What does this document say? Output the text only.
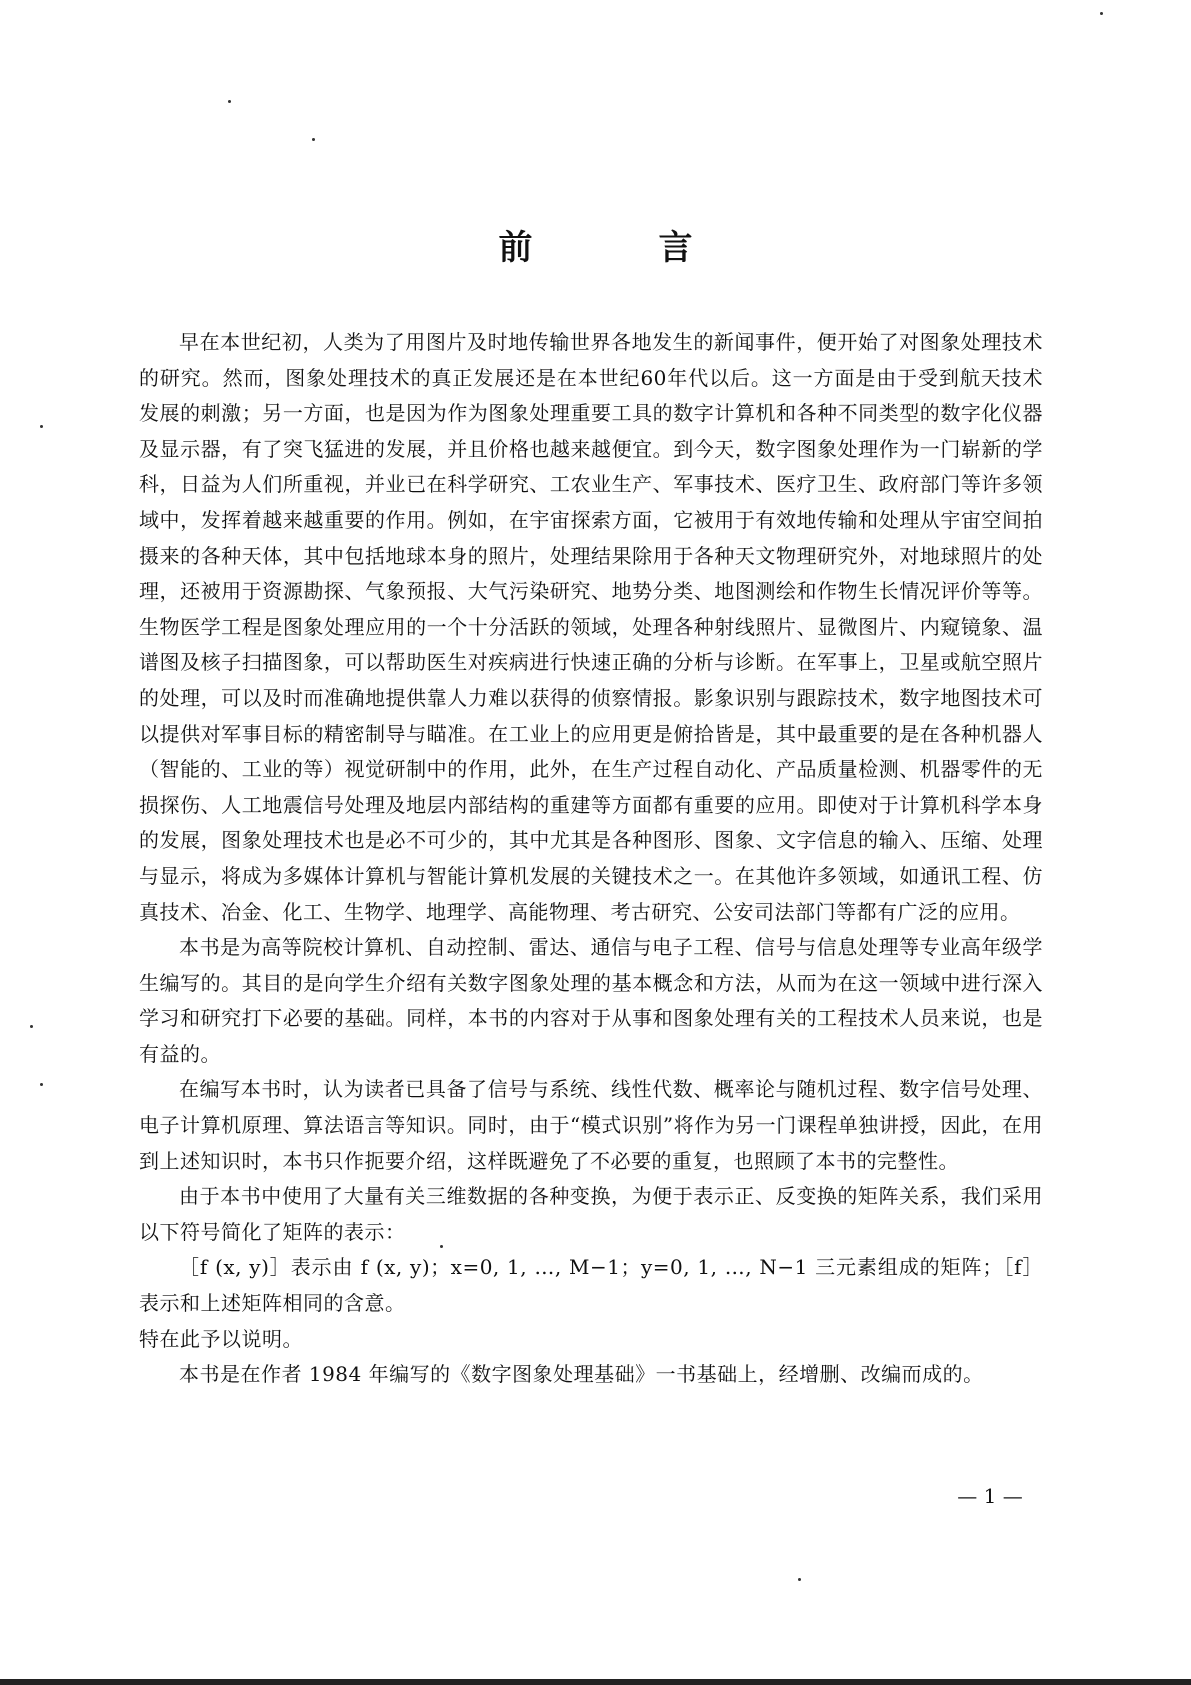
前　言

早在本世纪初，人类为了用图片及时地传输世界各地发生的新闻事件，便开始了对图象处理技术的研究。然而，图象处理技术的真正发展还是在本世纪60年代以后。这一方面是由于受到航天技术发展的刺激；另一方面，也是因为作为图象处理重要工具的数字计算机和各种不同类型的数字化仪器及显示器，有了突飞猛进的发展，并且价格也越来越便宜。到今天，数字图象处理作为一门崭新的学科，日益为人们所重视，并业已在科学研究、工农业生产、军事技术、医疗卫生、政府部门等许多领域中，发挥着越来越重要的作用。例如，在宇宙探索方面，它被用于有效地传输和处理从宇宙空间拍摄来的各种天体，其中包括地球本身的照片，处理结果除用于各种天文物理研究外，对地球照片的处理，还被用于资源勘探、气象预报、大气污染研究、地势分类、地图测绘和作物生长情况评价等等。生物医学工程是图象处理应用的一个十分活跃的领域，处理各种射线照片、显微图片、内窥镜象、温谱图及核子扫描图象，可以帮助医生对疾病进行快速正确的分析与诊断。在军事上，卫星或航空照片的处理，可以及时而准确地提供靠人力难以获得的侦察情报。影象识别与跟踪技术，数字地图技术可以提供对军事目标的精密制导与瞄准。在工业上的应用更是俯拾皆是，其中最重要的是在各种机器人（智能的、工业的等）视觉研制中的作用，此外，在生产过程自动化、产品质量检测、机器零件的无损探伤、人工地震信号处理及地层内部结构的重建等方面都有重要的应用。即使对于计算机科学本身的发展，图象处理技术也是必不可少的，其中尤其是各种图形、图象、文字信息的输入、压缩、处理与显示，将成为多媒体计算机与智能计算机发展的关键技术之一。在其他许多领域，如通讯工程、仿真技术、冶金、化工、生物学、地理学、高能物理、考古研究、公安司法部门等都有广泛的应用。

本书是为高等院校计算机、自动控制、雷达、通信与电子工程、信号与信息处理等专业高年级学生编写的。其目的是向学生介绍有关数字图象处理的基本概念和方法，从而为在这一领域中进行深入学习和研究打下必要的基础。同样，本书的内容对于从事和图象处理有关的工程技术人员来说，也是有益的。

在编写本书时，认为读者已具备了信号与系统、线性代数、概率论与随机过程、数字信号处理、电子计算机原理、算法语言等知识。同时，由于“模式识别”将作为另一门课程单独讲授，因此，在用到上述知识时，本书只作扼要介绍，这样既避免了不必要的重复，也照顾了本书的完整性。

由于本书中使用了大量有关三维数据的各种变换，为便于表示正、反变换的矩阵关系，我们采用以下符号简化了矩阵的表示：

［f (x, y)］表示由 f (x, y)；x=0, 1, …, M−1；y=0, 1, …, N−1 三元素组成的矩阵；［f］表示和上述矩阵相同的含意。

特在此予以说明。

本书是在作者 1984 年编写的《数字图象处理基础》一书基础上，经增删、改编而成的。

— 1 —
